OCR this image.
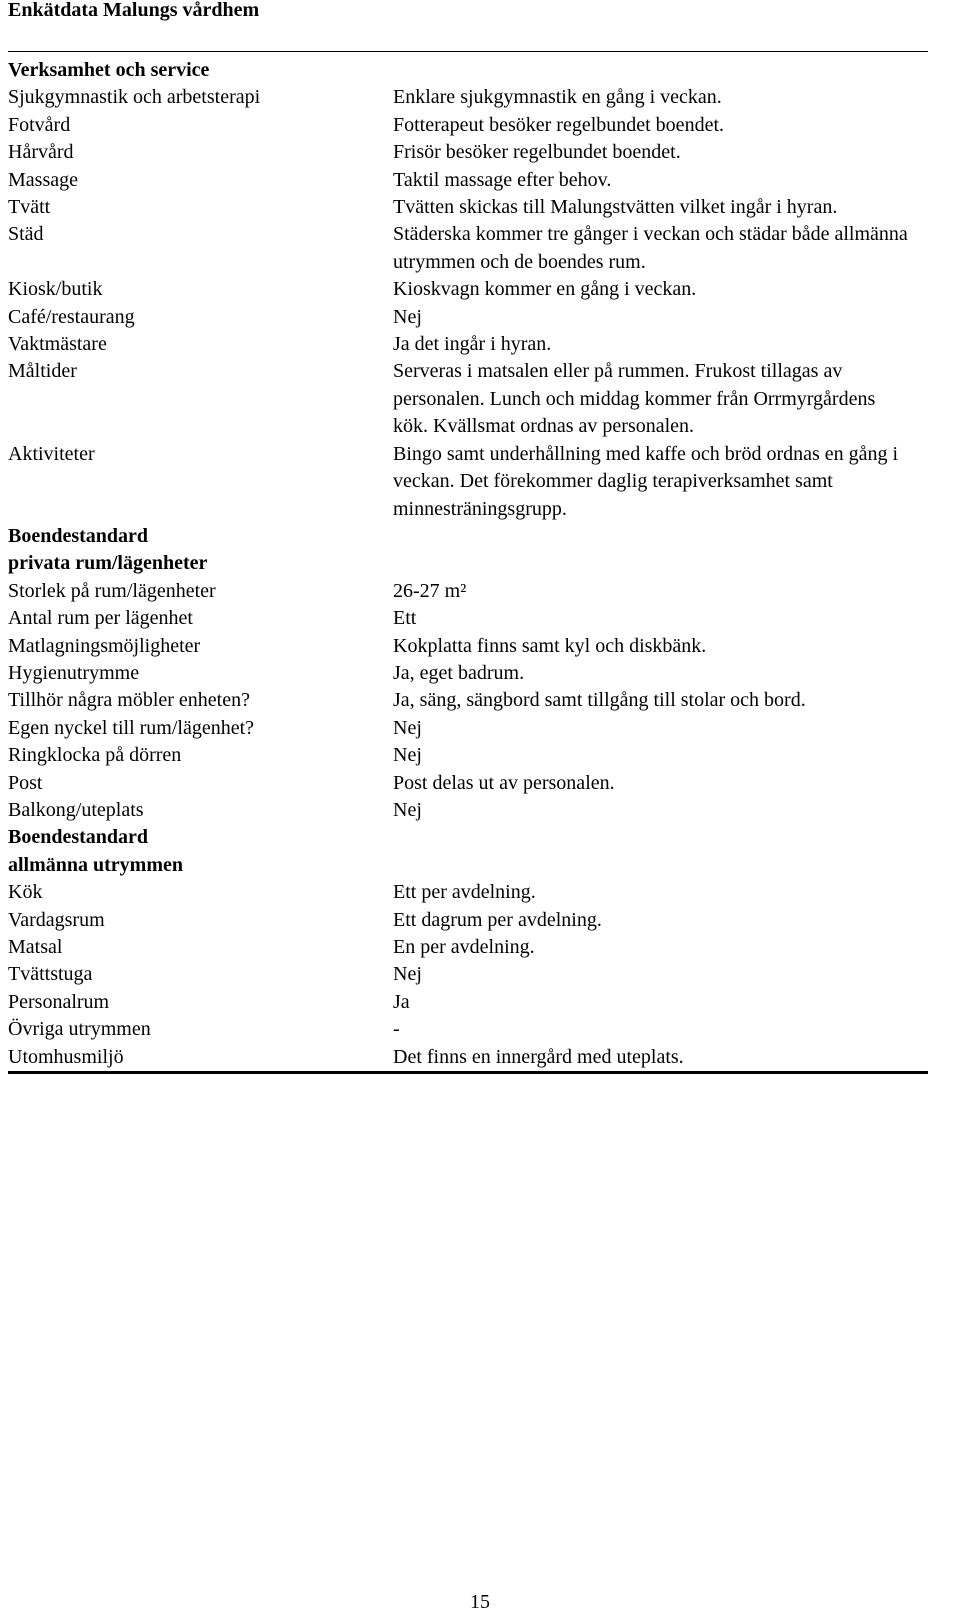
Enkätdata Malungs vårdhem
Verksamhet och service
Sjukgymnastik och arbetsterapi	Enklare sjukgymnastik en gång i veckan.
Fotvård	Fotterapeut besöker regelbundet boendet.
Hårvård	Frisör besöker regelbundet boendet.
Massage	Taktil massage efter behov.
Tvätt	Tvätten skickas till Malungstvätten vilket ingår i hyran.
Städ	Städerska kommer tre gånger i veckan och städar både allmänna utrymmen och de boendes rum.
Kiosk/butik	Kioskvagn kommer en gång i veckan.
Café/restaurang	Nej
Vaktmästare	Ja det ingår i hyran.
Måltider	Serveras i matsalen eller på rummen. Frukost tillagas av personalen. Lunch och middag kommer från Orrmyrgårdens kök. Kvällsmat ordnas av personalen.
Aktiviteter	Bingo samt underhållning med kaffe och bröd ordnas en gång i veckan. Det förekommer daglig terapiverksamhet samt minnesträningsgrupp.
Boendestandard
privata rum/lägenheter
Storlek på rum/lägenheter	26-27 m²
Antal rum per lägenhet	Ett
Matlagningsmöjligheter	Kokplatta finns samt kyl och diskbänk.
Hygienutrymme	Ja, eget badrum.
Tillhör några möbler enheten?	Ja, säng, sängbord samt tillgång till stolar och bord.
Egen nyckel till rum/lägenhet?	Nej
Ringklocka på dörren	Nej
Post	Post delas ut av personalen.
Balkong/uteplats	Nej
Boendestandard
allmänna utrymmen
Kök	Ett per avdelning.
Vardagsrum	Ett dagrum per avdelning.
Matsal	En per avdelning.
Tvättstuga	Nej
Personalrum	Ja
Övriga utrymmen	-
Utomhusmiljö	Det finns en innergård med uteplats.
15
